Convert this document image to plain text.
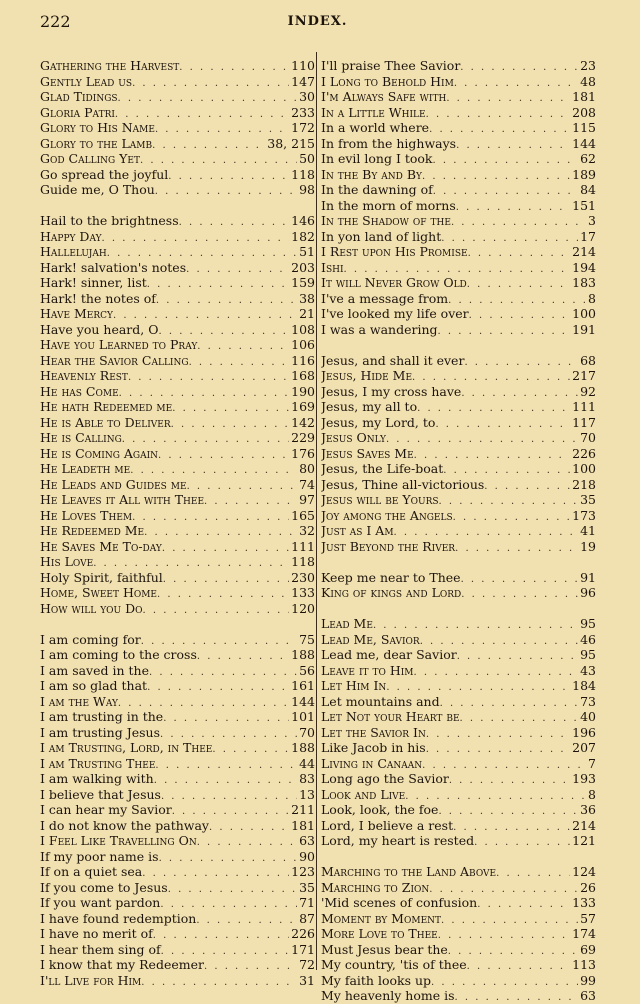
222	INDEX.
Gathering the Harvest . . .	110
Gently Lead us . . .	147
Glad Tidings . . .	30
Gloria Patri . . .	233
Glory to His Name . . .	172
Glory to the Lamb . . .	38, 215
God Calling Yet . . .	50
Go spread the joyful . . .	118
Guide me, O Thou . . .	98
Hail to the brightness . . .	146
Happy Day . . .	182
Hallelujah . . .	51
Hark! salvation's notes . . .	203
Hark! sinner, list . . .	159
Hark! the notes of . . .	38
Have Mercy . . .	21
Have you heard, O . . .	108
Have you Learned to Pray . . .	106
Hear the Savior Calling . . .	116
Heavenly Rest . . .	168
He has Come . . .	190
He hath Redeemed me . . .	169
He is Able to Deliver . . .	142
He is Calling . . .	229
He is Coming Again . . .	176
He Leadeth me . . .	80
He Leads and Guides me . . .	74
He Leaves it All with Thee . . .	97
He Loves Them . . .	165
He Redeemed Me . . .	32
He Saves Me To-day . . .	111
His Love . . .	118
Holy Spirit, faithful . . .	230
Home, Sweet Home . . .	133
How will you Do . . .	120
I am coming for . . .	75
I am coming to the cross . . .	188
I am saved in the . . .	56
I am so glad that . . .	161
I am the Way . . .	144
I am trusting in the . . .	101
I am trusting Jesus . . .	70
I am Trusting, Lord, in Thee . . .	188
I am Trusting Thee . . .	44
I am walking with . . .	83
I believe that Jesus . . .	13
I can hear my Savior . . .	211
I do not know the pathway . . .	181
I Feel Like Travelling On . . .	63
If my poor name is . . .	90
If on a quiet sea . . .	123
If you come to Jesus . . .	35
If you want pardon . . .	71
I have found redemption . . .	87
I have no merit of . . .	226
I hear them sing of . . .	171
I know that my Redeemer . . .	72
I'll Live for Him . . .	31
I'll praise Thee Savior . . .	23
I Long to Behold Him . . .	48
I'm Always Safe with . . .	181
In a Little While . . .	208
In a world where . . .	115
In from the highways . . .	144
In evil long I took . . .	62
In the By and By . . .	189
In the dawning of . . .	84
In the morn of morns . . .	151
In the Shadow of the . . .	3
In yon land of light . . .	17
I Rest upon His Promise . . .	214
Ishi . . .	194
It will Never Grow Old . . .	183
I've a message from . . .	8
I've looked my life over . . .	100
I was a wandering . . .	191
Jesus, and shall it ever . . .	68
Jesus, Hide Me . . .	217
Jesus, I my cross have . . .	92
Jesus, my all to . . .	111
Jesus, my Lord, to . . .	117
Jesus Only . . .	70
Jesus Saves Me . . .	226
Jesus, the Life-boat . . .	100
Jesus, Thine all-victorious . . .	218
Jesus will be Yours . . .	35
Joy among the Angels . . .	173
Just as I Am . . .	41
Just Beyond the River . . .	19
Keep me near to Thee . . .	91
King of kings and Lord . . .	96
Lead Me . . .	95
Lead Me, Savior . . .	46
Lead me, dear Savior . . .	95
Leave it to Him . . .	43
Let Him In . . .	184
Let mountains and . . .	73
Let Not your Heart be . . .	40
Let the Savior In . . .	196
Like Jacob in his . . .	207
Living in Canaan . . .	7
Long ago the Savior . . .	193
Look and Live . . .	8
Look, look, the foe . . .	36
Lord, I believe a rest . . .	214
Lord, my heart is rested . . .	121
Marching to the Land Above . . .	124
Marching to Zion . . .	26
'Mid scenes of confusion . . .	133
Moment by Moment . . .	57
More Love to Thee . . .	174
Must Jesus bear the . . .	69
My country, 'tis of thee . . .	113
My faith looks up . . .	99
My heavenly home is . . .	63
